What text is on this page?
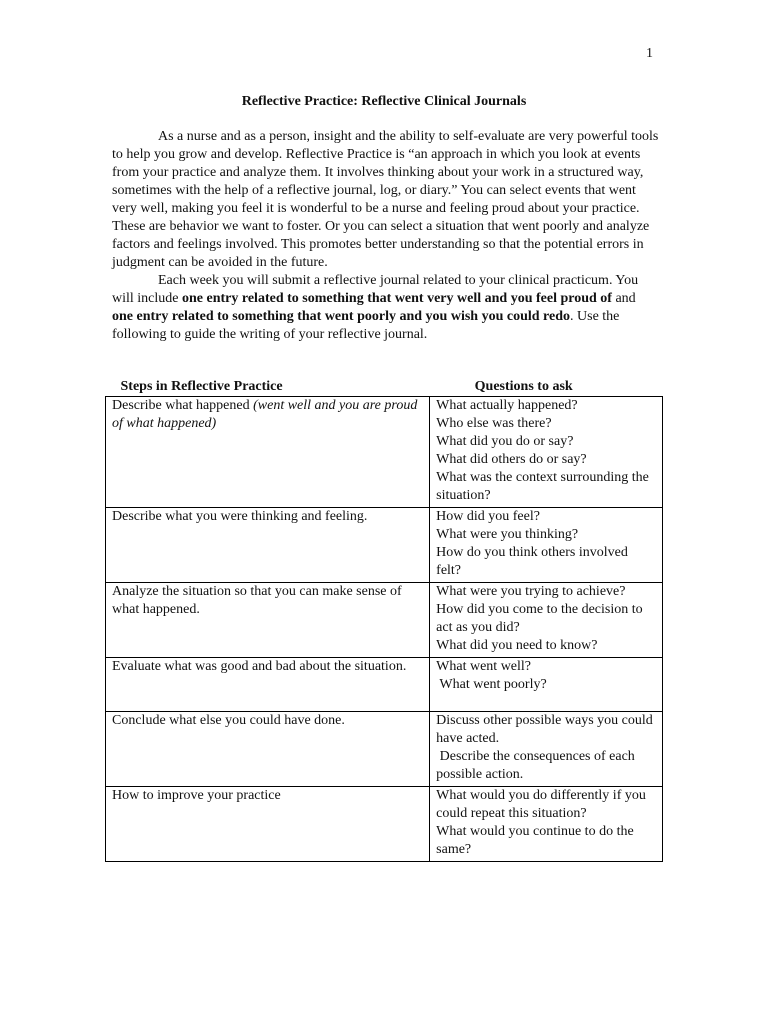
1
Reflective Practice: Reflective Clinical Journals

As a nurse and as a person, insight and the ability to self-evaluate are very powerful tools to help you grow and develop. Reflective Practice is “an approach in which you look at events from your practice and analyze them. It involves thinking about your work in a structured way, sometimes with the help of a reflective journal, log, or diary.” You can select events that went very well, making you feel it is wonderful to be a nurse and feeling proud about your practice. These are behavior we want to foster. Or you can select a situation that went poorly and analyze factors and feelings involved. This promotes better understanding so that the potential errors in judgment can be avoided in the future.

Each week you will submit a reflective journal related to your clinical practicum. You will include one entry related to something that went very well and you feel proud of and one entry related to something that went poorly and you wish you could redo. Use the following to guide the writing of your reflective journal.

Steps in Reflective Practice	Questions to ask
Describe what happened (went well and you are proud of what happened)	What actually happened?
Who else was there?
What did you do or say?
What did others do or say?
What was the context surrounding the situation?

Describe what you were thinking and feeling.	How did you feel?
What were you thinking?
How do you think others involved felt?

Analyze the situation so that you can make sense of what happened.	What were you trying to achieve?
How did you come to the decision to act as you did?
What did you need to know?

Evaluate what was good and bad about the situation.	What went well?
What went poorly?

Conclude what else you could have done.	Discuss other possible ways you could have acted.
Describe the consequences of each possible action.

How to improve your practice	What would you do differently if you could repeat this situation?
What would you continue to do the same?
